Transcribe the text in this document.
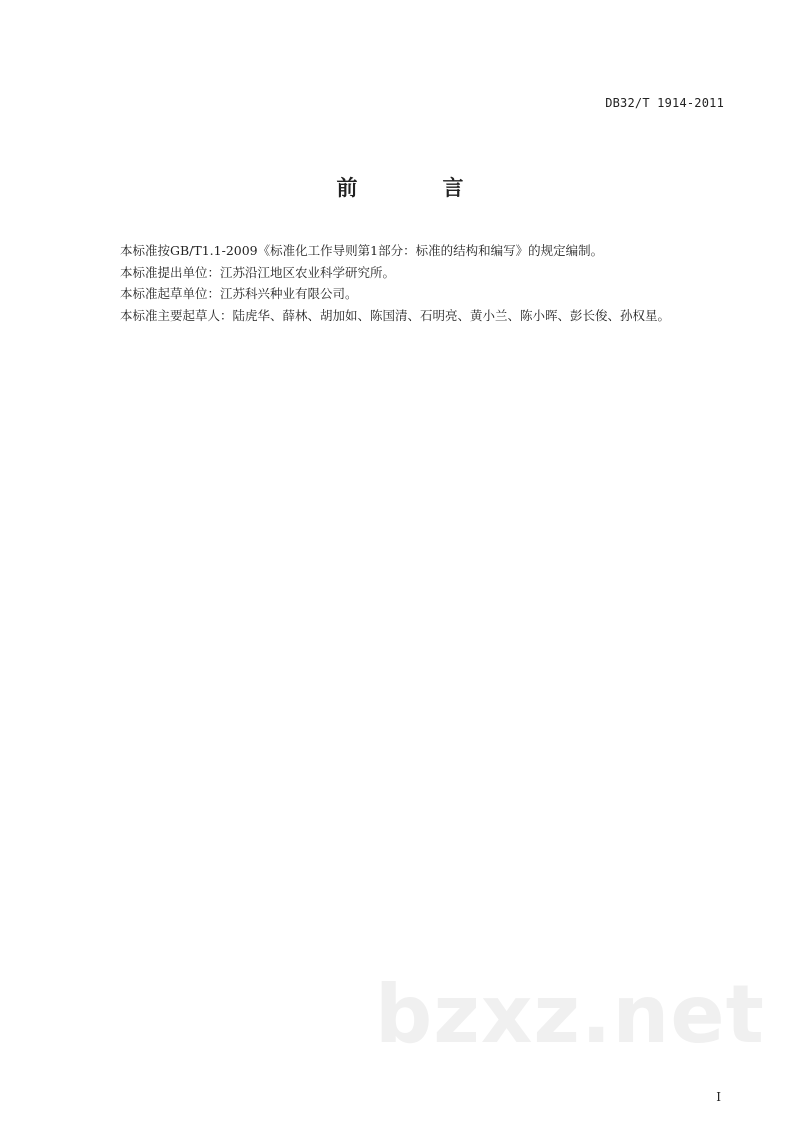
DB32/T 1914-2011
前　言

本标准按GB/T1.1-2009《标准化工作导则第1部分：标准的结构和编写》的规定编制。

本标准提出单位：江苏沿江地区农业科学研究所。

本标准起草单位：江苏科兴种业有限公司。

本标准主要起草人：陆虎华、薛林、胡加如、陈国清、石明亮、黄小兰、陈小晖、彭长俊、孙权星。

bzxz.net
I
